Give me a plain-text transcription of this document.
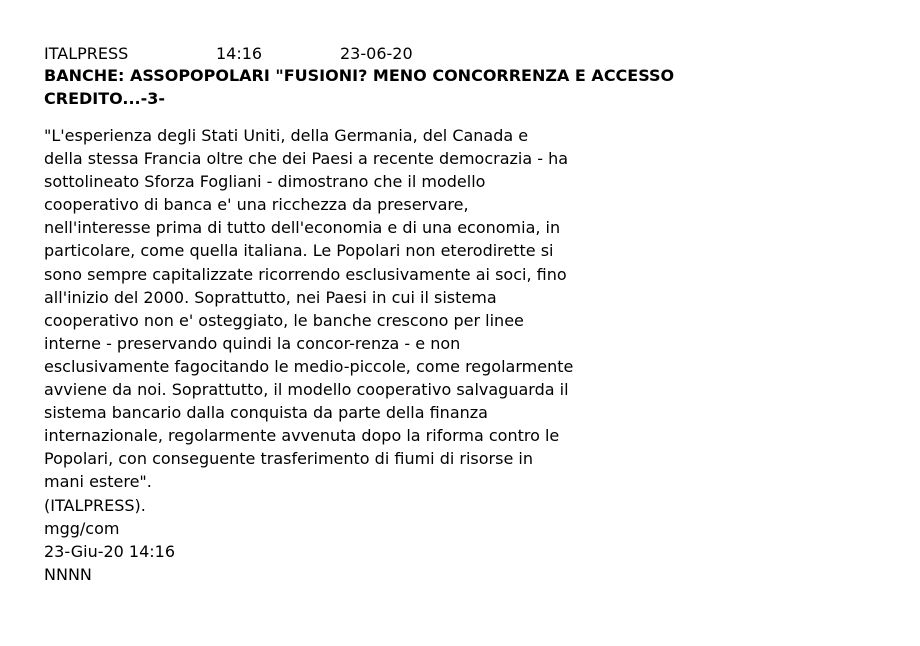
ITALPRESS

	14:16

	23-06-20

BANCHE: ASSOPOPOLARI "FUSIONI? MENO CONCORRENZA E ACCESSO
CREDITO...-3-
"L'esperienza degli Stati Uniti, della Germania, del Canada e
della stessa Francia oltre che dei Paesi a recente democrazia - ha
sottolineato Sforza Fogliani - dimostrano che il modello
cooperativo di banca e' una ricchezza da preservare,
nell'interesse prima di tutto dell'economia e di una economia, in
particolare, come quella italiana. Le Popolari non eterodirette si
sono sempre capitalizzate ricorrendo esclusivamente ai soci, fino
all'inizio del 2000. Soprattutto, nei Paesi in cui il sistema
cooperativo non e' osteggiato, le banche crescono per linee
interne - preservando quindi la concor-renza - e non
esclusivamente fagocitando le medio-piccole, come regolarmente
avviene da noi. Soprattutto, il modello cooperativo salvaguarda il
sistema bancario dalla conquista da parte della finanza
internazionale, regolarmente avvenuta dopo la riforma contro le
Popolari, con conseguente trasferimento di fiumi di risorse in
mani estere".
(ITALPRESS).
mgg/com
23-Giu-20 14:16
NNNN
